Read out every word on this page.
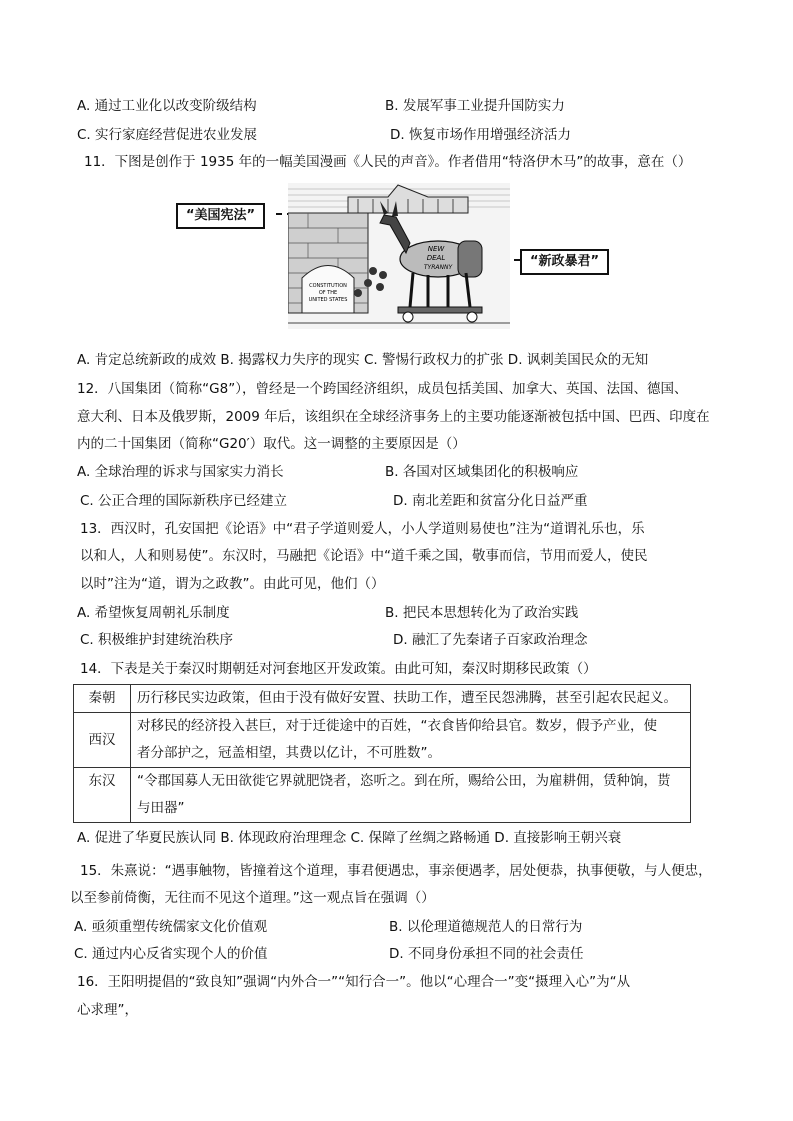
A. 通过工业化以改变阶级结构	B. 发展军事工业提升国防实力
C. 实行家庭经营促进农业发展	D. 恢复市场作用增强经济活力
11．下图是创作于 1935 年的一幅美国漫画《人民的声音》。作者借用“特洛伊木马”的故事，意在（）
“美国宪法”
“新政暴君”
CONSTITUTION
OF THE
UNITED STATES
NEW
DEAL
TYRANNY
A. 肯定总统新政的成效 B. 揭露权力失序的现实 C. 警惕行政权力的扩张 D. 讽刺美国民众的无知
12．八国集团（简称“G8”），曾经是一个跨国经济组织，成员包括美国、加拿大、英国、法国、德国、
意大利、日本及俄罗斯，2009 年后，该组织在全球经济事务上的主要功能逐渐被包括中国、巴西、印度在
内的二十国集团（简称“G20′）取代。这一调整的主要原因是（）
A. 全球治理的诉求与国家实力消长	B. 各国对区域集团化的积极响应
C. 公正合理的国际新秩序已经建立	D. 南北差距和贫富分化日益严重
13．西汉时，孔安国把《论语》中“君子学道则爱人，小人学道则易使也”注为“道谓礼乐也，乐
以和人，人和则易使”。东汉时，马融把《论语》中“道千乘之国，敬事而信，节用而爱人，使民
以时”注为“道，谓为之政教”。由此可见，他们（）
A. 希望恢复周朝礼乐制度	B. 把民本思想转化为了政治实践
C. 积极维护封建统治秩序	D. 融汇了先秦诸子百家政治理念
14．下表是关于秦汉时期朝廷对河套地区开发政策。由此可知，秦汉时期移民政策（）
秦朝	历行移民实边政策，但由于没有做好安置、扶助工作，遭至民怨沸腾，甚至引起农民起义。

西汉	对移民的经济投入甚巨，对于迁徙途中的百姓，“衣食皆仰给县官。数岁，假予产业，使
者分部护之，冠盖相望，其费以亿计，不可胜数”。

东汉	“令郡国募人无田欲徙它界就肥饶者，恣听之。到在所，赐给公田，为雇耕佣，赁种饷，贳
与田器”
A. 促进了华夏民族认同 B. 体现政府治理理念 C. 保障了丝绸之路畅通 D. 直接影响王朝兴衰
15．朱熹说：“遇事触物，皆撞着这个道理，事君便遇忠，事亲便遇孝，居处便恭，执事便敬，与人便忠，
以至参前倚衡，无往而不见这个道理。”这一观点旨在强调（）
A. 亟须重塑传统儒家文化价值观	B. 以伦理道德规范人的日常行为
C. 通过内心反省实现个人的价值	D. 不同身份承担不同的社会责任
16．王阳明提倡的“致良知”强调“内外合一”“知行合一”。他以“心理合一”变“摄理入心”为“从
心求理”，
